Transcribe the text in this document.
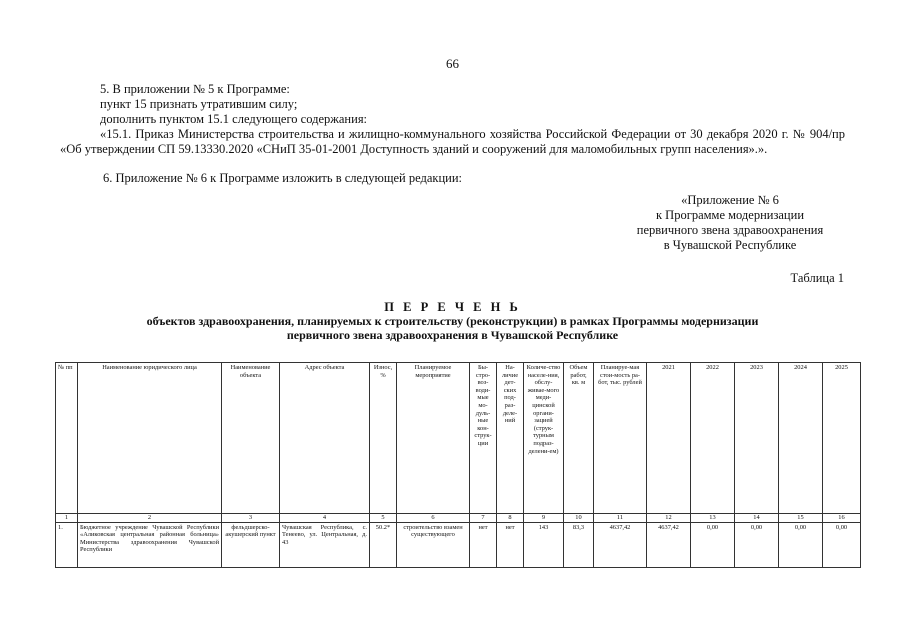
66

5. В приложении № 5 к Программе:

пункт 15 признать утратившим силу;

дополнить пунктом 15.1 следующего содержания:

«15.1. Приказ Министерства строительства и жилищно-коммунального хозяйства Российской Федерации от 30 декабря 2020 г. № 904/пр «Об утверждении СП 59.13330.2020 «СНиП 35-01-2001 Доступность зданий и сооружений для маломобильных групп населения».».

6. Приложение № 6 к Программе изложить в следующей редакции:

«Приложение № 6
к Программе модернизации
первичного звена здравоохранения
в Чувашской Республике
Таблица 1
П Е Р Е Ч Е Н Ь
объектов здравоохранения, планируемых к строительству (реконструкции) в рамках Программы модернизации
первичного звена здравоохранения в Чувашской Республике
№ пп	Наименование юридического лица	Наименование объекта	Адрес объекта	Износ, %	Планируемое мероприятие	Бы-стро-воз-води-мые мо-дуль-ные кон-струк-ции	На-личие дет-ских под-раз-деле-ний	Количе-ство населе-ния, обслу-живае-мого меди-цинской органи-зацией (струк-турным подраз-делени-ем)	Объем работ, кв. м	Планируе-мая стои-мость ра-бот, тыс. рублей	2021	2022	2023	2024	2025
1	2	3	4	5	6	7	8	9	10	11	12	13	14	15	16
1.	Бюджетное учреждение Чувашской Республики «Аликовская центральная районная больница» Министерства здравоохранения Чувашской Республики	фельдшерско-акушерский пункт	Чувашская Республика, с. Тенеево, ул. Центральная, д. 43	50.2*	строительство взамен существующего	нет	нет	143	83,3	4637,42	4637,42	0,00	0,00	0,00	0,00
